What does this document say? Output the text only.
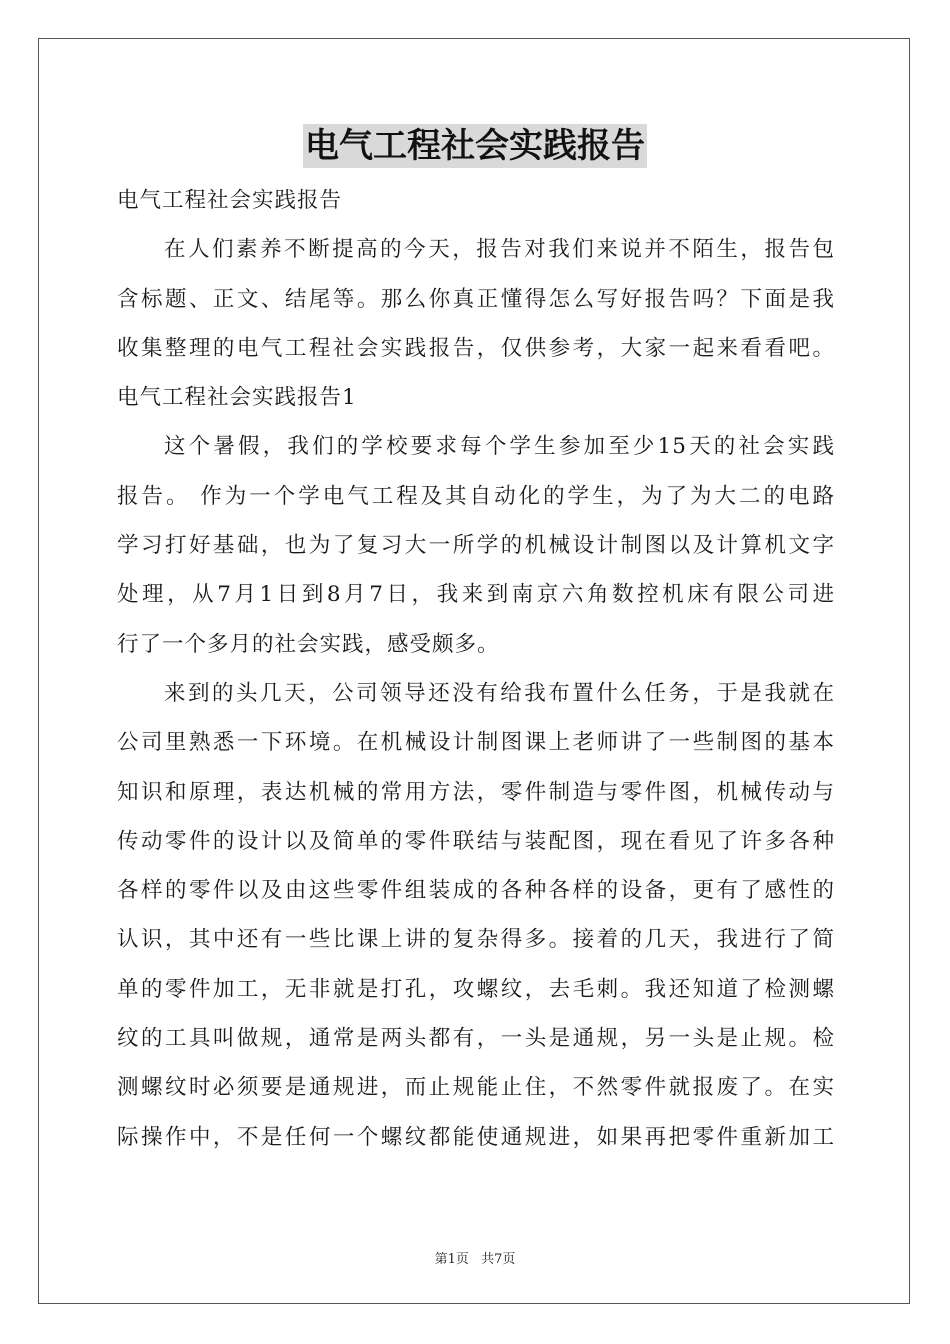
电气工程社会实践报告
电气工程社会实践报告
在人们素养不断提高的今天，报告对我们来说并不陌生，报告包
含标题、正文、结尾等。那么你真正懂得怎么写好报告吗？下面是我
收集整理的电气工程社会实践报告，仅供参考，大家一起来看看吧。
电气工程社会实践报告1
这个暑假，我们的学校要求每个学生参加至少15天的社会实践
报告。 作为一个学电气工程及其自动化的学生，为了为大二的电路
学习打好基础，也为了复习大一所学的机械设计制图以及计算机文字
处理，从7月1日到8月7日，我来到南京六角数控机床有限公司进
行了一个多月的社会实践，感受颇多。
来到的头几天，公司领导还没有给我布置什么任务，于是我就在
公司里熟悉一下环境。在机械设计制图课上老师讲了一些制图的基本
知识和原理，表达机械的常用方法，零件制造与零件图，机械传动与
传动零件的设计以及简单的零件联结与装配图，现在看见了许多各种
各样的零件以及由这些零件组装成的各种各样的设备，更有了感性的
认识，其中还有一些比课上讲的复杂得多。接着的几天，我进行了简
单的零件加工，无非就是打孔，攻螺纹，去毛刺。我还知道了检测螺
纹的工具叫做规，通常是两头都有，一头是通规，另一头是止规。检
测螺纹时必须要是通规进，而止规能止住，不然零件就报废了。在实
际操作中，不是任何一个螺纹都能使通规进，如果再把零件重新加工
第1页 共7页
